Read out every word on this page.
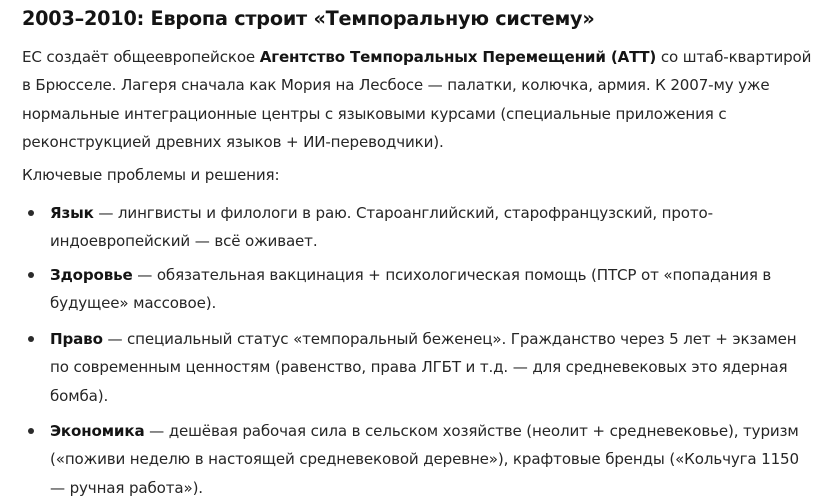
2003–2010: Европа строит «Темпоральную систему»

ЕС создаёт общеевропейское Агентство Темпоральных Перемещений (АТТ) со штаб-квартирой в Брюсселе. Лагеря сначала как Мория на Лесбосе — палатки, колючка, армия. К 2007-му уже нормальные интеграционные центры с языковыми курсами (специальные приложения с реконструкцией древних языков + ИИ-переводчики).

Ключевые проблемы и решения:

Язык — лингвисты и филологи в раю. Староанглийский, старофранцузский, прото-индоевропейский — всё оживает.

Здоровье — обязательная вакцинация + психологическая помощь (ПТСР от «попадания в будущее» массовое).

Право — специальный статус «темпоральный беженец». Гражданство через 5 лет + экзамен по современным ценностям (равенство, права ЛГБТ и т.д. — для средневековых это ядерная бомба).

Экономика — дешёвая рабочая сила в сельском хозяйстве (неолит + средневековье), туризм («поживи неделю в настоящей средневековой деревне»), крафтовые бренды («Кольчуга 1150 — ручная работа»).
